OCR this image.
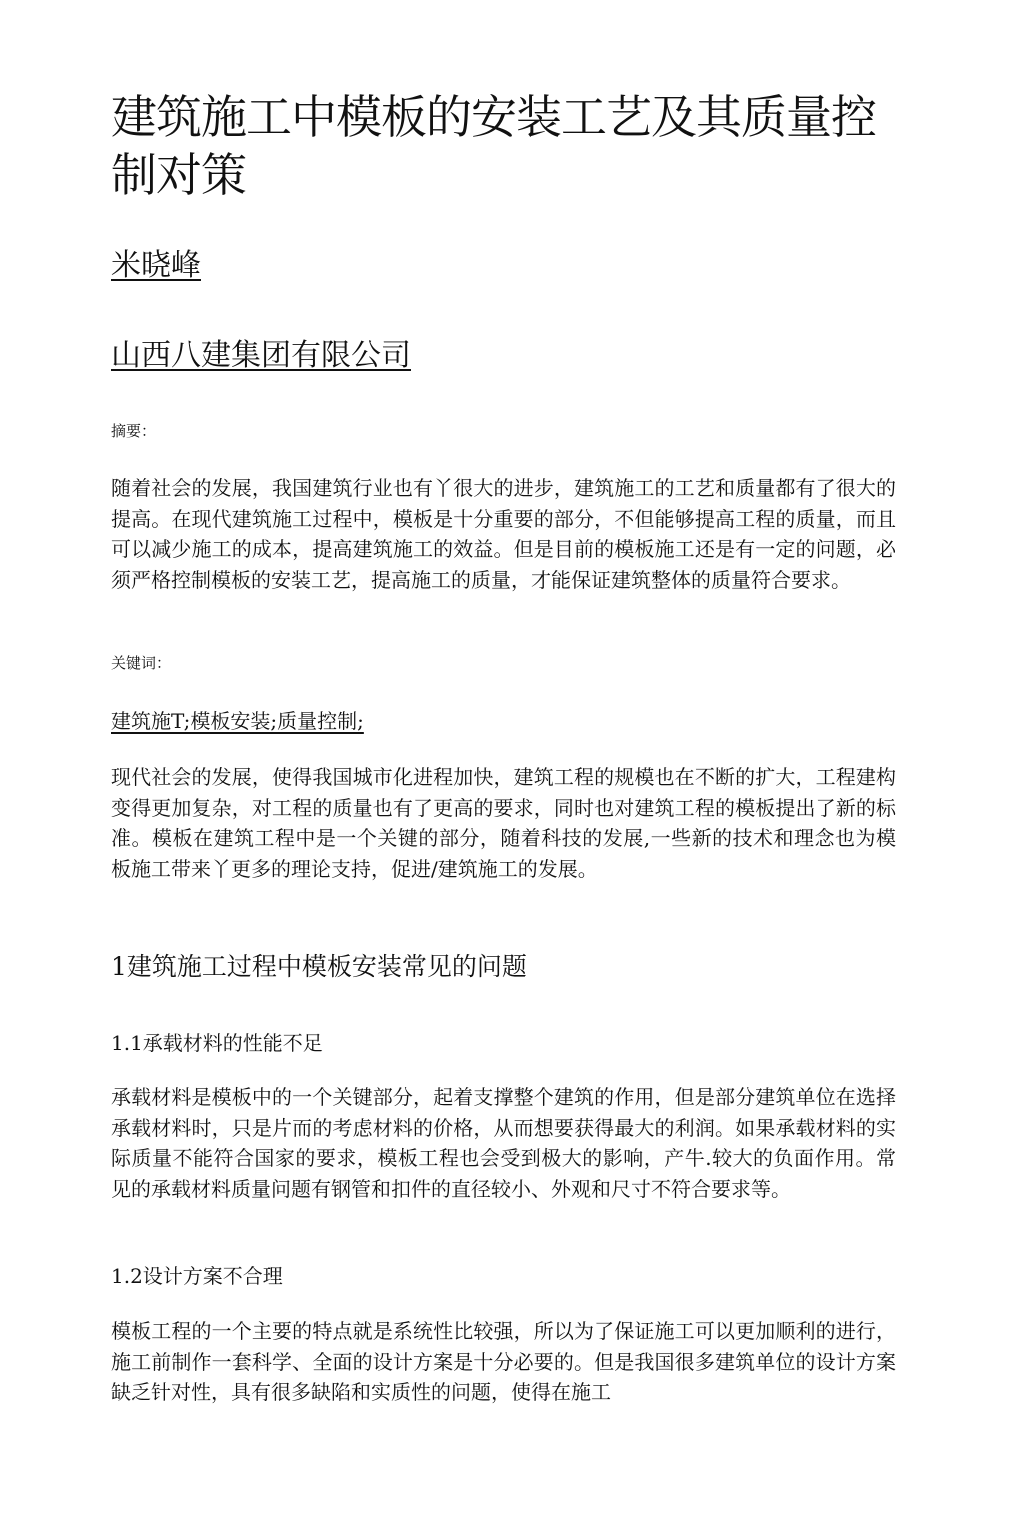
建筑施工中模板的安装工艺及其质量控制对策

米晓峰

山西八建集团有限公司

摘要：

随着社会的发展，我国建筑行业也有丫很大的进步，建筑施工的工艺和质量都有了很大的提高。在现代建筑施工过程中，模板是十分重要的部分，不但能够提高工程的质量，而且可以减少施工的成本，提高建筑施工的效益。但是目前的模板施工还是有一定的问题，必须严格控制模板的安装工艺，提高施工的质量，才能保证建筑整体的质量符合要求。

关键词：

建筑施T;模板安装;质量控制;

现代社会的发展，使得我国城市化进程加快，建筑工程的规模也在不断的扩大，工程建构变得更加复杂，对工程的质量也有了更高的要求，同时也对建筑工程的模板提出了新的标准。模板在建筑工程中是一个关键的部分，随着科技的发展,一些新的技术和理念也为模板施工带来丫更多的理论支持，促进/建筑施工的发展。

1建筑施工过程中模板安装常见的问题
1.1承载材料的性能不足

承载材料是模板中的一个关键部分，起着支撑整个建筑的作用，但是部分建筑单位在选择承载材料时，只是片而的考虑材料的价格，从而想要获得最大的利润。如果承载材料的实际质量不能符合国家的要求，模板工程也会受到极大的影响，产牛.较大的负面作用。常见的承载材料质量问题有钢管和扣件的直径较小、外观和尺寸不符合要求等。

1.2设计方案不合理

模板工程的一个主要的特点就是系统性比较强，所以为了保证施工可以更加顺利的进行，施工前制作一套科学、全面的设计方案是十分必要的。但是我国很多建筑单位的设计方案缺乏针对性，具有很多缺陷和实质性的问题，使得在施工
